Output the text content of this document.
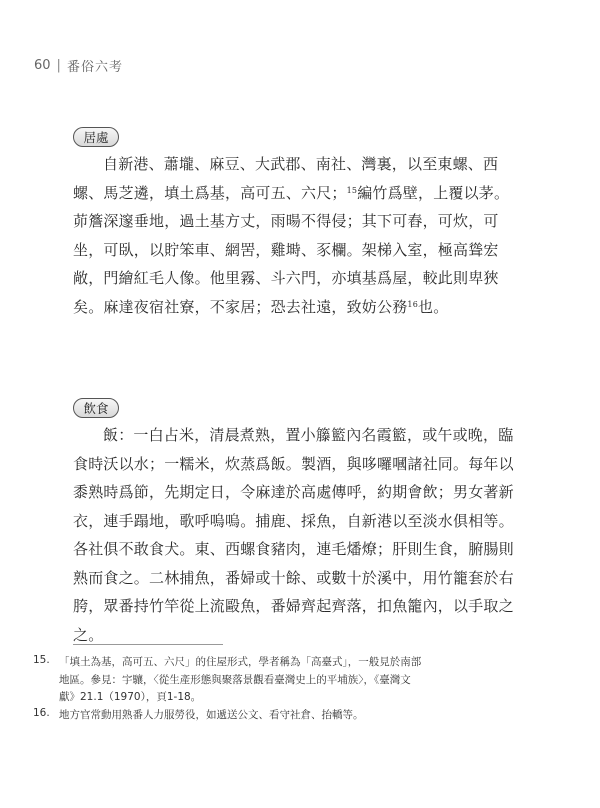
60 | 番俗六考
居處
自新港、蕭壠、麻豆、大武郡、南社、灣裏，以至東螺、西
螺、馬芝遴，填土爲基，高可五、六尺；$^{15}$編竹爲壁，上覆以茅。
茆簷深邃垂地，過土基方丈，雨暘不得侵；其下可舂，可炊，可
坐，可臥，以貯笨車、網罟，雞塒、豕欄。架梯入室，極高聳宏
敞，門繪紅毛人像。他里霧、斗六門，亦填基爲屋，較此則卑狹
矣。麻達夜宿社寮，不家居；恐去社遠，致妨公務$^{16}$也。
飲食
飯：一白占米，清晨煮熟，置小籐籃內名霞籃，或午或晚，臨
食時沃以水；一糯米，炊蒸爲飯。製酒，與哆囉嘓諸社同。每年以
黍熟時爲節，先期定日，令麻達於高處傳呼，約期會飲；男女著新
衣，連手蹋地，歌呼嗚嗚。捕鹿、採魚，自新港以至淡水俱相等。
各社俱不敢食犬。東、西螺食豬肉，連毛燔燎；肝則生食，腑腸則
熟而食之。二林捕魚，番婦或十餘、或數十於溪中，用竹籠套於右
胯，眾番持竹竿從上流毆魚，番婦齊起齊落，扣魚籠內，以手取之
之。
15. 「填土為基，高可五、六尺」的住屋形式，學者稱為「高臺式」，一般見於南部
地區。參見：宇驤，〈從生產形態與聚落景觀看臺灣史上的平埔族〉，《臺灣文
獻》21.1（1970），頁1-18。
16. 地方官常動用熟番人力服勞役，如遞送公文、看守社倉、抬轎等。
